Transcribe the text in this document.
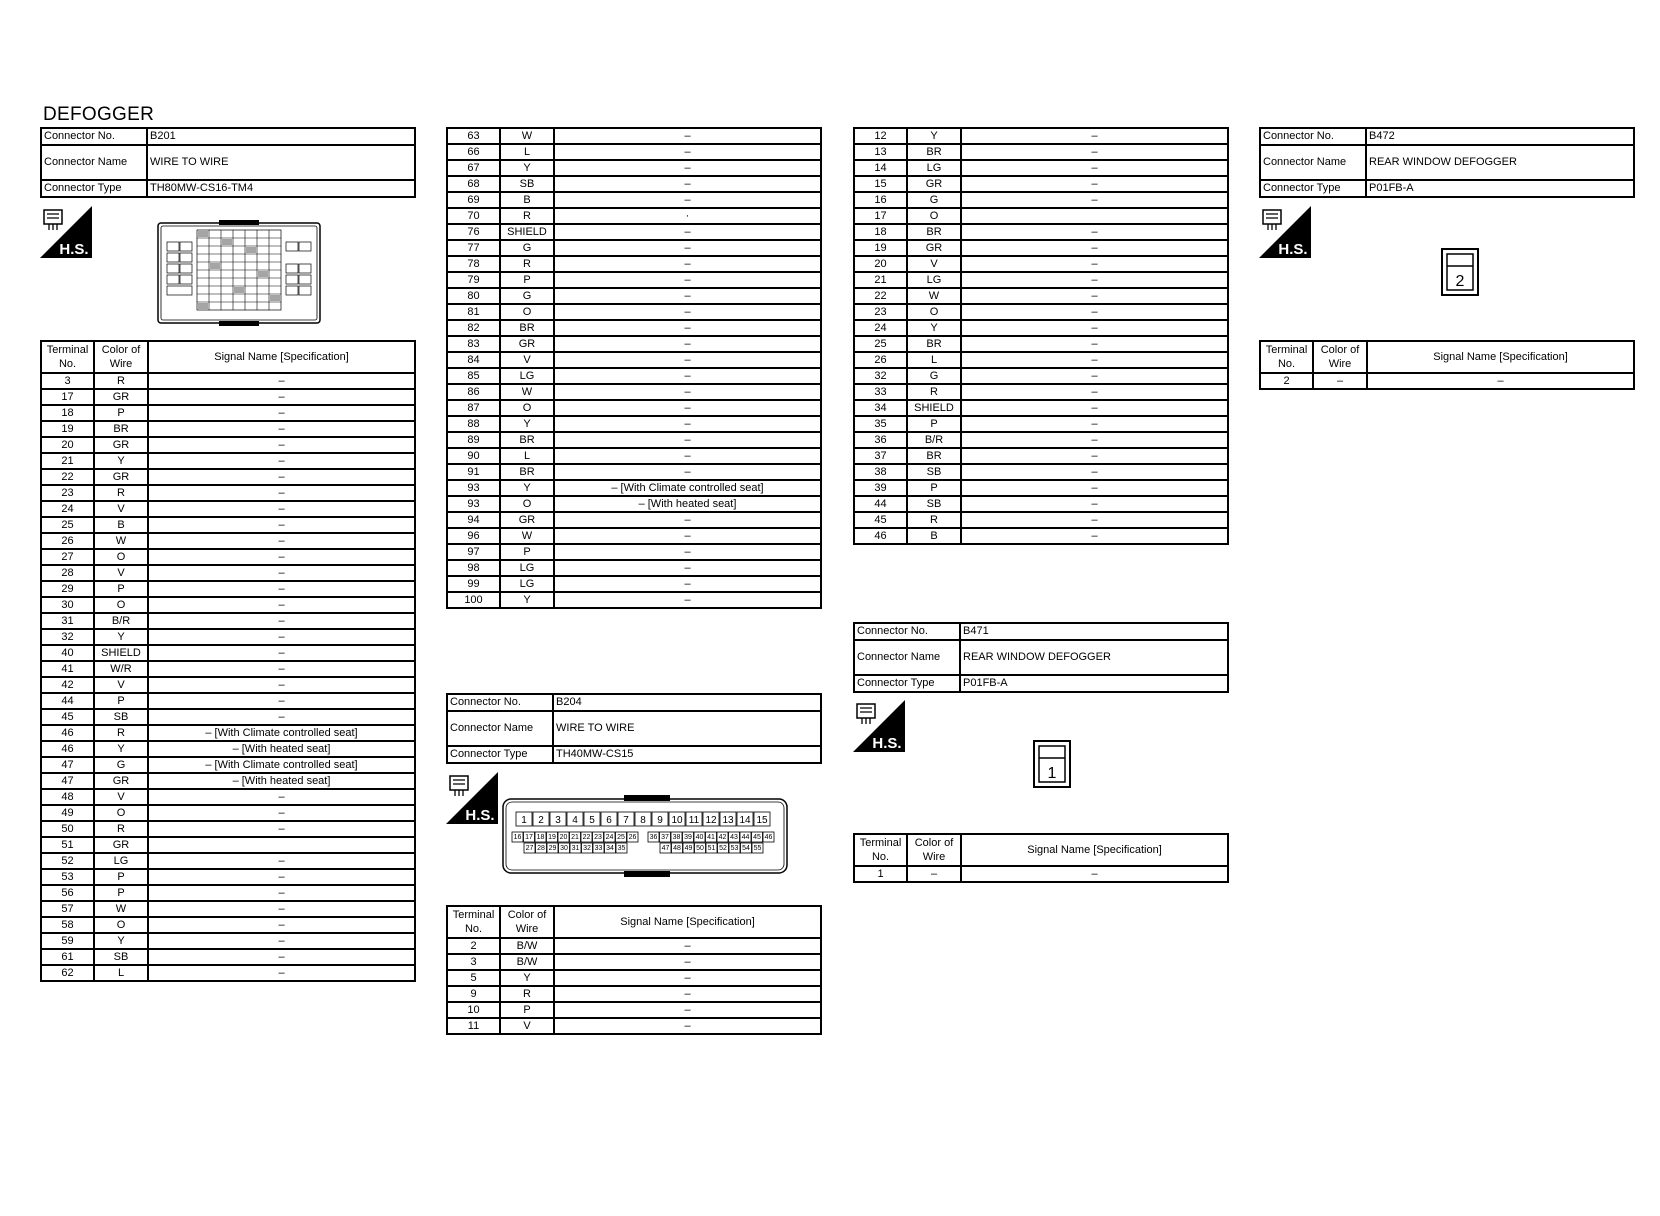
DEFOGGER
Connector No.	B201
Connector Name	WIRE TO WIRE
Connector Type	TH80MW-CS16-TM4
H.S.
Terminal No.	Color of Wire	Signal Name [Specification]
3	R	–
17	GR	–
18	P	–
19	BR	–
20	GR	–
21	Y	–
22	GR	–
23	R	–
24	V	–
25	B	–
26	W	–
27	O	–
28	V	–
29	P	–
30	O	–
31	B/R	–
32	Y	–
40	SHIELD	–
41	W/R	–
42	V	–
44	P	–
45	SB	–
46	R	– [With Climate controlled seat]
46	Y	– [With heated seat]
47	G	– [With Climate controlled seat]
47	GR	– [With heated seat]
48	V	–
49	O	–
50	R	–
51	GR	
52	LG	–
53	P	–
56	P	–
57	W	–
58	O	–
59	Y	–
61	SB	–
62	L	–
63	W	–
66	L	–
67	Y	–
68	SB	–
69	B	–
70	R	·
76	SHIELD	–
77	G	–
78	R	–
79	P	–
80	G	–
81	O	–
82	BR	–
83	GR	–
84	V	–
85	LG	–
86	W	–
87	O	–
88	Y	–
89	BR	–
90	L	–
91	BR	–
93	Y	– [With Climate controlled seat]
93	O	– [With heated seat]
94	GR	–
96	W	–
97	P	–
98	LG	–
99	LG	–
100	Y	–
Connector No.	B204
Connector Name	WIRE TO WIRE
Connector Type	TH40MW-CS15
H.S.	1 2 3 4 5 6 7 8 9 10 11 12 13 14 15
16 17 18 19 20 21 22 23 24 25 26 36 37 38 39 40 41 42 43 44 45 46
27 28 29 30 31 32 33 34 35	47 48 49 50 51 52 53 54 55
Terminal No.	Color of Wire	Signal Name [Specification]
2	B/W	–
3	B/W	–
5	Y	–
9	R	–
10	P	–
11	V	–
12	Y	–
13	BR	–
14	LG	–
15	GR	–
16	G	–
17	O	
18	BR	–
19	GR	–
20	V	–
21	LG	–
22	W	–
23	O	–
24	Y	–
25	BR	–
26	L	–
32	G	–
33	R	–
34	SHIELD	–
35	P	–
36	B/R	–
37	BR	–
38	SB	–
39	P	–
44	SB	–
45	R	–
46	B	–
Connector No.	B471
Connector Name	REAR WINDOW DEFOGGER
Connector Type	P01FB-A
H.S.
1
Terminal No.	Color of Wire	Signal Name [Specification]
1	–	–
Connector No.	B472
Connector Name	REAR WINDOW DEFOGGER
Connector Type	P01FB-A
H.S.
2
Terminal No.	Color of Wire	Signal Name [Specification]
2	–	–
